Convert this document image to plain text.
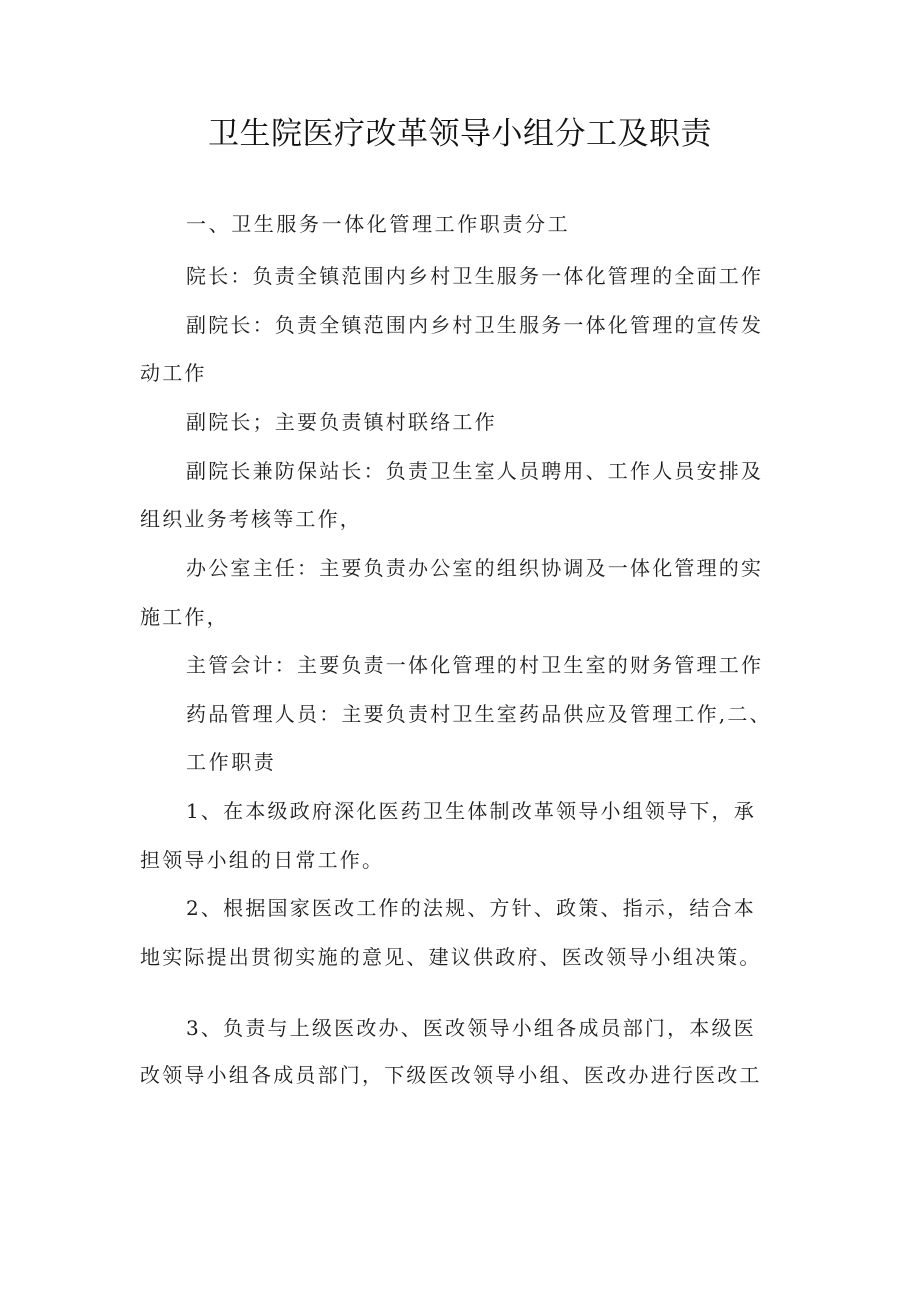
卫生院医疗改革领导小组分工及职责
一、卫生服务一体化管理工作职责分工
院长：负责全镇范围内乡村卫生服务一体化管理的全面工作
副院长：负责全镇范围内乡村卫生服务一体化管理的宣传发
动工作
副院长；主要负责镇村联络工作
副院长兼防保站长：负责卫生室人员聘用、工作人员安排及
组织业务考核等工作，
办公室主任：主要负责办公室的组织协调及一体化管理的实
施工作，
主管会计：主要负责一体化管理的村卫生室的财务管理工作
药品管理人员：主要负责村卫生室药品供应及管理工作,二、
工作职责
1、在本级政府深化医药卫生体制改革领导小组领导下，承
担领导小组的日常工作。
2、根据国家医改工作的法规、方针、政策、指示，结合本
地实际提出贯彻实施的意见、建议供政府、医改领导小组决策。
3、负责与上级医改办、医改领导小组各成员部门，本级医
改领导小组各成员部门，下级医改领导小组、医改办进行医改工
